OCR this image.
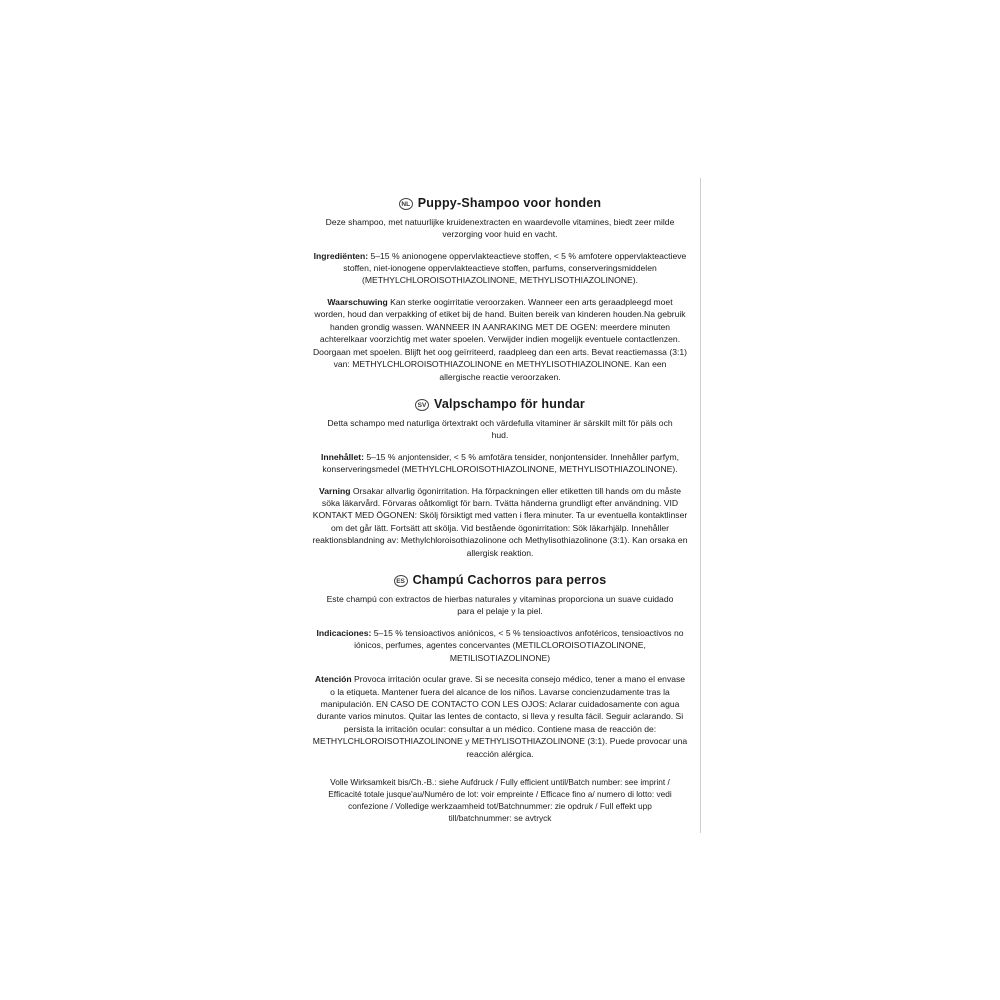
NL Puppy-Shampoo voor honden

Deze shampoo, met natuurlijke kruidenextracten en waardevolle vitamines, biedt zeer milde verzorging voor huid en vacht.

Ingrediënten: 5–15 % anionogene oppervlakteactieve stoffen, < 5 % amfotere oppervlakteactieve stoffen, niet-ionogene oppervlakteactieve stoffen, parfums, conserveringsmiddelen (METHYLCHLOROISOTHIAZOLINONE, METHYLISOTHIAZOLINONE).

Waarschuwing Kan sterke oogirritatie veroorzaken. Wanneer een arts geraadpleegd moet worden, houd dan verpakking of etiket bij de hand. Buiten bereik van kinderen houden.Na gebruik handen grondig wassen. WANNEER IN AANRAKING MET DE OGEN: meerdere minuten achterelkaar voorzichtig met water spoelen. Verwijder indien mogelijk eventuele contactlenzen. Doorgaan met spoelen. Blijft het oog geïrriteerd, raadpleeg dan een arts. Bevat reactiemassa (3:1) van: METHYLCHLOROISOTHIAZOLINONE en METHYLISOTHIAZOLINONE. Kan een allergische reactie veroorzaken.

SV Valpschampo för hundar

Detta schampo med naturliga örtextrakt och värdefulla vitaminer är särskilt milt för päls och hud.

Innehållet: 5–15 % anjontensider, < 5 % amfotära tensider, nonjontensider. Innehåller parfym, konserveringsmedel (METHYLCHLOROISOTHIAZOLINONE, METHYLISOTHIAZOLINONE).

Varning Orsakar allvarlig ögonirritation. Ha förpackningen eller etiketten till hands om du måste söka läkarvård. Förvaras oåtkomligt för barn. Tvätta händerna grundligt efter användning. VID KONTAKT MED ÖGONEN: Skölj försiktigt med vatten i flera minuter. Ta ur eventuella kontaktlinser om det går lätt. Fortsätt att skölja. Vid bestående ögonirritation: Sök läkarhjälp. Innehåller reaktionsblandning av: Methylchloroisothiazolinone och Methylisothiazolinone (3:1). Kan orsaka en allergisk reaktion.

ES Champú Cachorros para perros

Este champú con extractos de hierbas naturales y vitaminas proporciona un suave cuidado para el pelaje y la piel.

Indicaciones: 5–15 % tensioactivos aniónicos, < 5 % tensioactivos anfotéricos, tensioactivos no iónicos, perfumes, agentes concervantes (METILCLOROISOTIAZOLINONE, METILISOTIAZOLINONE)

Atención Provoca irritación ocular grave. Si se necesita consejo médico, tener a mano el envase o la etiqueta. Mantener fuera del alcance de los niños. Lavarse concienzudamente tras la manipulación. EN CASO DE CONTACTO CON LES OJOS: Aclarar cuidadosamente con agua durante varios minutos. Quitar las lentes de contacto, si lleva y resulta fácil. Seguir aclarando. Si persista la irritación ocular: consultar a un médico. Contiene masa de reacción de: METHYLCHLOROISOTHIAZOLINONE y METHYLISOTHIAZOLINONE (3:1). Puede provocar una reacción alérgica.

Volle Wirksamkeit bis/Ch.-B.: siehe Aufdruck / Fully efficient until/Batch number: see imprint / Efficacité totale jusque'au/Numéro de lot: voir empreinte / Efficace fino a/ numero di lotto: vedi confezione / Volledige werkzaamheid tot/Batchnummer: zie opdruk / Full effekt upp till/batchnummer: se avtryck
